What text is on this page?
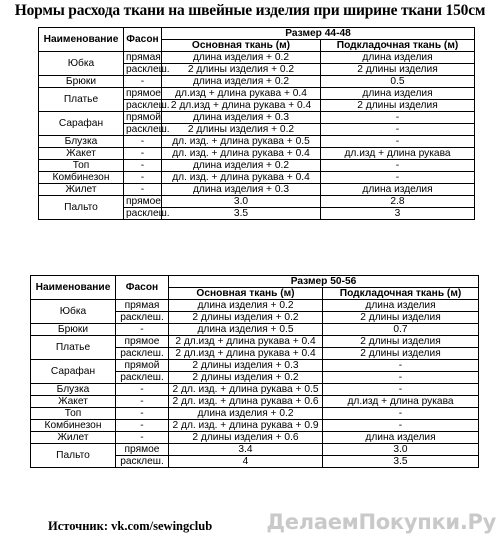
Нормы расхода ткани на швейные изделия при ширине ткани 150см
Наименование	Фасон	Размер 44-48	
		Основная ткань (м)	Подкладочная ткань (м)
Юбка	прямая	длина изделия + 0.2	длина изделия
	расклеш.	2 длины изделия + 0.2	2 длины изделия
Брюки	-	длина изделия + 0.2	0.5
Платье	прямое	дл.изд + длина рукава + 0.4	длина изделия
	расклеш.	2 дл.изд + длина рукава + 0.4	2 длины изделия
Сарафан	прямой	длина изделия + 0.3	-
	расклеш.	2 длины изделия + 0.2	-
Блузка	-	дл. изд. + длина рукава + 0.5	-
Жакет	-	дл. изд. + длина рукава + 0.4	дл.изд + длина рукава
Топ	-	длина изделия + 0.2	-
Комбинезон	-	дл. изд. + длина рукава + 0.4	-
Жилет	-	длина изделия + 0.3	длина изделия
Пальто	прямое	3.0	2.8
	расклеш.	3.5	3
Наименование	Фасон	Размер 50-56	
		Основная ткань (м)	Подкладочная ткань (м)
Юбка	прямая	длина изделия + 0.2	длина изделия
	расклеш.	2 длины изделия + 0.2	2 длины изделия
Брюки	-	длина изделия + 0.5	0.7
Платье	прямое	2 дл.изд + длина рукава + 0.4	2 длины изделия
	расклеш.	2 дл.изд + длина рукава + 0.4	2 длины изделия
Сарафан	прямой	2 длины изделия + 0.3	-
	расклеш.	2 длины изделия + 0.2	-
Блузка	-	2 дл. изд. + длина рукава + 0.5	-
Жакет	-	2 дл. изд. + длина рукава + 0.6	дл.изд + длина рукава
Топ	-	длина изделия + 0.2	-
Комбинезон	-	2 дл. изд. + длина рукава + 0.9	-
Жилет	-	2 длины изделия + 0.6	длина изделия
Пальто	прямое	3.4	3.0
	расклеш.	4	3.5
Источник: vk.com/sewingclub	ДелаемПокупки.Ру
